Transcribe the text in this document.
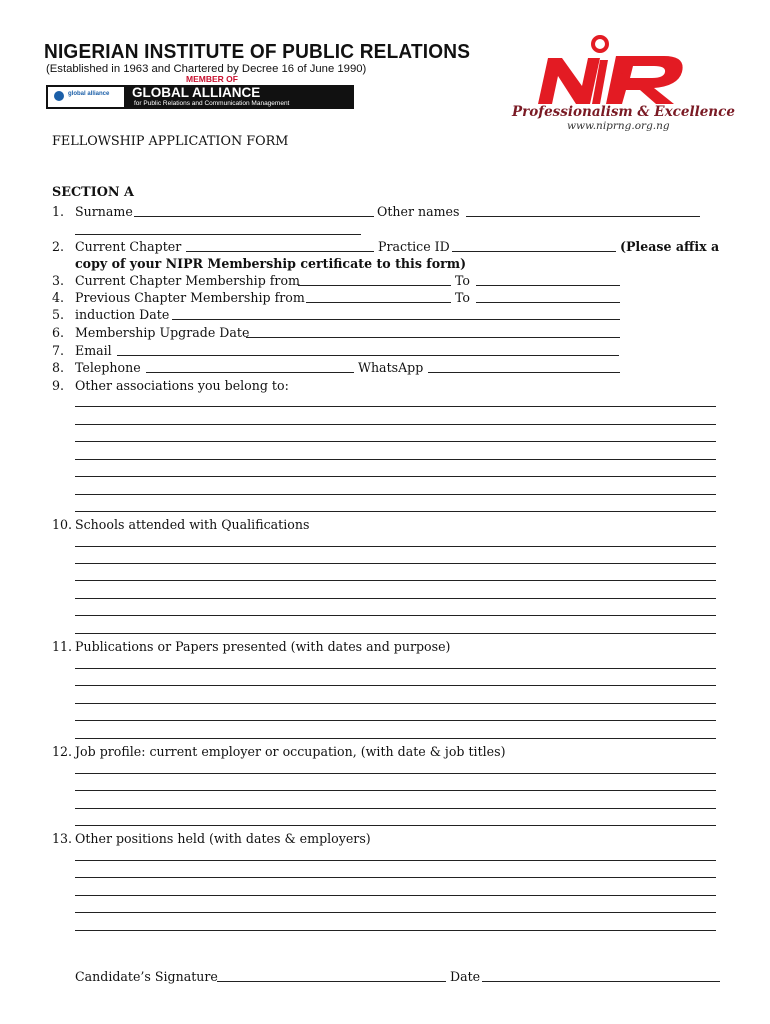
NIGERIAN INSTITUTE OF PUBLIC RELATIONS
(Established in 1963 and Chartered by Decree 16 of June 1990)
MEMBER OF
global alliance GLOBAL ALLIANCE
for Public Relations and Communication Management
NIPR
Professionalism & Excellence
www.niprng.org.ng
FELLOWSHIP APPLICATION FORM
SECTION A
1. Surname	Other names
2. Current Chapter	Practice ID	(Please affix a
copy of your NIPR Membership certificate to this form)
3. Current Chapter Membership from	To
4. Previous Chapter Membership from	To
5. induction Date
6. Membership Upgrade Date
7. Email
8. Telephone	WhatsApp
9. Other associations you belong to:
10. Schools attended with Qualifications
11. Publications or Papers presented (with dates and purpose)
12. Job profile: current employer or occupation, (with date & job titles)
13. Other positions held (with dates & employers)
Candidate’s Signature	Date
